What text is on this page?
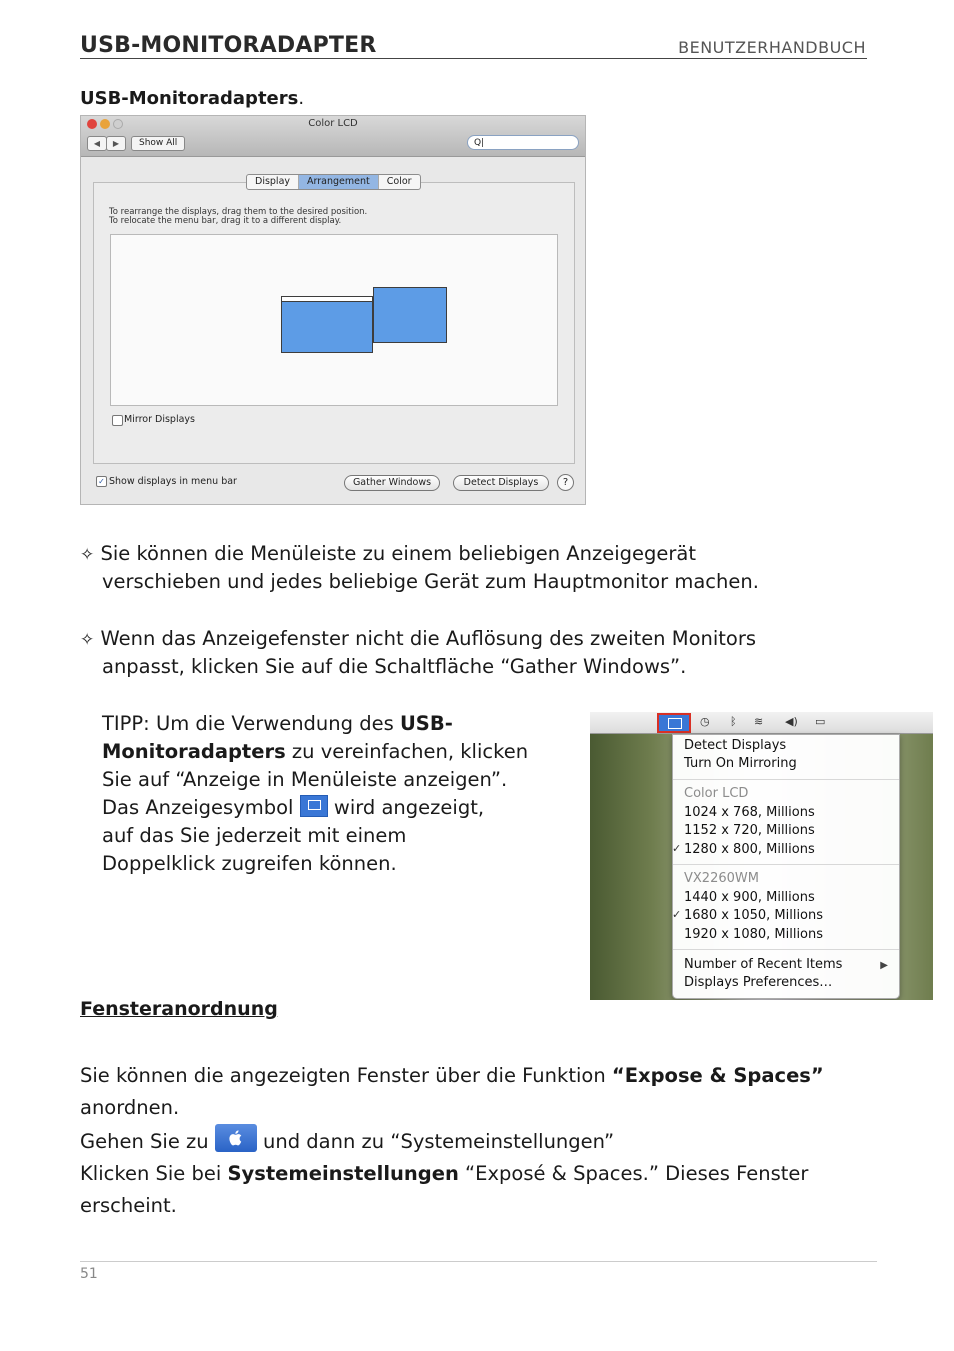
USB-MONITORADAPTER	BENUTZERHANDBUCH
USB-Monitoradapters.
Color LCD
◀	▶	Show All	Q|
Display	Arrangement	Color
To rearrange the displays, drag them to the desired position.
To relocate the menu bar, drag it to a different display.
Mirror Displays
✓ Show displays in menu bar	Gather Windows	Detect Displays	?
✧ Sie können die Menüleiste zu einem beliebigen Anzeigegerät
verschieben und jedes beliebige Gerät zum Hauptmonitor machen.
✧ Wenn das Anzeigefenster nicht die Auflösung des zweiten Monitors
anpasst, klicken Sie auf die Schaltfläche “Gather Windows”.
TIPP: Um die Verwendung des USB-
Monitoradapters zu vereinfachen, klicken
Sie auf “Anzeige in Menüleiste anzeigen”.
Das Anzeigesymbol  wird angezeigt,
auf das Sie jederzeit mit einem
Doppelklick zugreifen können.
◷ ᛒ ≋ ◀) ▭
Detect Displays
Turn On Mirroring
Color LCD
1024 x 768, Millions
1152 x 720, Millions
✓ 1280 x 800, Millions
VX2260WM
1440 x 900, Millions
✓ 1680 x 1050, Millions
1920 x 1080, Millions
Number of Recent Items	▶
Displays Preferences…
Fensteranordnung
Sie können die angezeigten Fenster über die Funktion “Expose & Spaces”
anordnen.
Gehen Sie zu
und dann zu “Systemeinstellungen”
Klicken Sie bei Systemeinstellungen “Exposé & Spaces.” Dieses Fenster
erscheint.
51
